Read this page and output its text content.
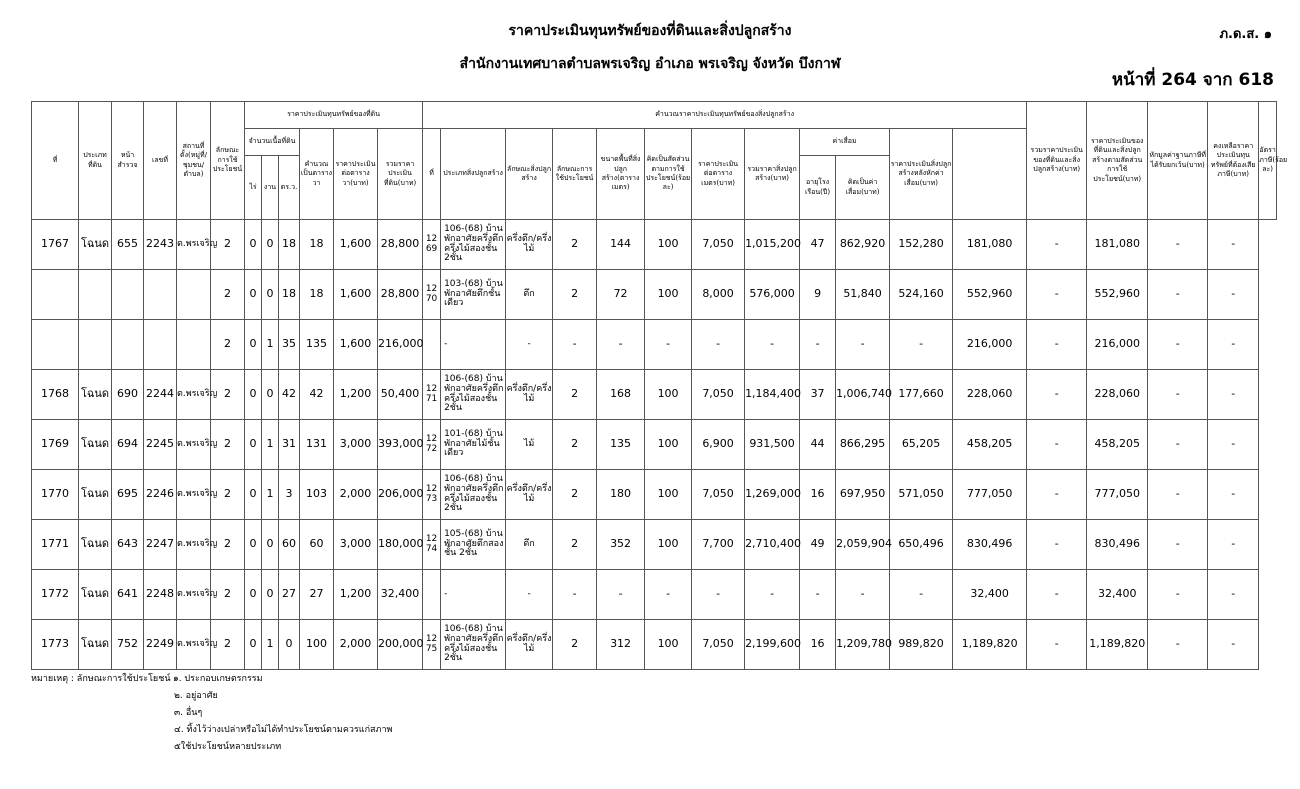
ราคาประเมินทุนทรัพย์ของที่ดินและสิ่งปลูกสร้าง
สำนักงานเทศบาลตำบลพรเจริญ อำเภอ พรเจริญ จังหวัด บึงกาฬ
ภ.ด.ส. ๑
หน้าที่ 264 จาก 618
ที่	ประเภทที่ดิน	หน้าสำรวจ	เลขที่	สถานที่ตั้ง(หมู่ที่/ชุมชน/ตำบล)	ลักษณะการใช้ประโยชน์	ราคาประเมินทุนทรัพย์ของที่ดิน						คำนวณราคาประเมินทุนทรัพย์ของสิ่งปลูกสร้าง												รวมราคาประเมินของที่ดินและสิ่งปลูกสร้าง(บาท)	ราคาประเมินของที่ดินและสิ่งปลูกสร้างตามสัดส่วนการใช้ประโยชน์(บาท)	หักมูลค่าฐานภาษีที่ได้รับยกเว้น(บาท)	คงเหลือราคาประเมินทุนทรัพย์ที่ต้องเสียภาษี(บาท)	อัตราภาษี(ร้อยละ)
						จำนวนเนื้อที่ดิน			คำนวณเป็นตารางวา	ราคาประเมินต่อตารางวา(บาท)	รวมราคาประเมินที่ดิน(บาท)	ที่	ประเภทสิ่งปลูกสร้าง	ลักษณะสิ่งปลูกสร้าง	ลักษณะการใช้ประโยชน์	ขนาดพื้นที่สิ่งปลูกสร้าง(ตารางเมตร)	คิดเป็นสัดส่วนตามการใช้ประโยชน์(ร้อยละ)	ราคาประเมินต่อตารางเมตร(บาท)	รวมราคาสิ่งปลูกสร้าง(บาท)	ค่าเสื่อม		ราคาประเมินสิ่งปลูกสร้างหลังหักค่าเสื่อม(บาท)						
						ไร่	งาน	ตร.ว.												อายุโรงเรือน(ปี)	คิดเป็นค่าเสื่อม(บาท)							
1767	โฉนด	655	2243	ต.พรเจริญ	2	0	0	18	18	1,600	28,800	12 69	106-(68) บ้านพักอาศัยครึ่งตึกครึ่งไม้สองชั้น 2ชั้น	ครึ่งตึก/ครึ่งไม้	2	144	100	7,050	1,015,200	47	862,920	152,280	181,080	-	181,080	-	-	
					2	0	0	18	18	1,600	28,800	12 70	103-(68) บ้านพักอาศัยตึกชั้นเดียว	ตึก	2	72	100	8,000	576,000	9	51,840	524,160	552,960	-	552,960	-	-	
					2	0	1	35	135	1,600	216,000		-	-	-	-	-	-	-	-	-	-	216,000	-	216,000	-	-	
1768	โฉนด	690	2244	ต.พรเจริญ	2	0	0	42	42	1,200	50,400	12 71	106-(68) บ้านพักอาศัยครึ่งตึกครึ่งไม้สองชั้น 2ชั้น	ครึ่งตึก/ครึ่งไม้	2	168	100	7,050	1,184,400	37	1,006,740	177,660	228,060	-	228,060	-	-	
1769	โฉนด	694	2245	ต.พรเจริญ	2	0	1	31	131	3,000	393,000	12 72	101-(68) บ้านพักอาศัยไม้ชั้นเดียว	ไม้	2	135	100	6,900	931,500	44	866,295	65,205	458,205	-	458,205	-	-	
1770	โฉนด	695	2246	ต.พรเจริญ	2	0	1	3	103	2,000	206,000	12 73	106-(68) บ้านพักอาศัยครึ่งตึกครึ่งไม้สองชั้น 2ชั้น	ครึ่งตึก/ครึ่งไม้	2	180	100	7,050	1,269,000	16	697,950	571,050	777,050	-	777,050	-	-	
1771	โฉนด	643	2247	ต.พรเจริญ	2	0	0	60	60	3,000	180,000	12 74	105-(68) บ้านพักอาศัยตึกสองชั้น 2ชั้น	ตึก	2	352	100	7,700	2,710,400	49	2,059,904	650,496	830,496	-	830,496	-	-	
1772	โฉนด	641	2248	ต.พรเจริญ	2	0	0	27	27	1,200	32,400		-	-	-	-	-	-	-	-	-	-	32,400	-	32,400	-	-	
1773	โฉนด	752	2249	ต.พรเจริญ	2	0	1	0	100	2,000	200,000	12 75	106-(68) บ้านพักอาศัยครึ่งตึกครึ่งไม้สองชั้น 2ชั้น	ครึ่งตึก/ครึ่งไม้	2	312	100	7,050	2,199,600	16	1,209,780	989,820	1,189,820	-	1,189,820	-	-	
หมายเหตุ : ลักษณะการใช้ประโยชน์ ๑. ประกอบเกษตรกรรม
๒. อยู่อาศัย
๓. อื่นๆ
๔. ทิ้งไว้ว่างเปล่าหรือไม่ได้ทำประโยชน์ตามควรแก่สภาพ
๕ใช้ประโยชน์หลายประเภท
